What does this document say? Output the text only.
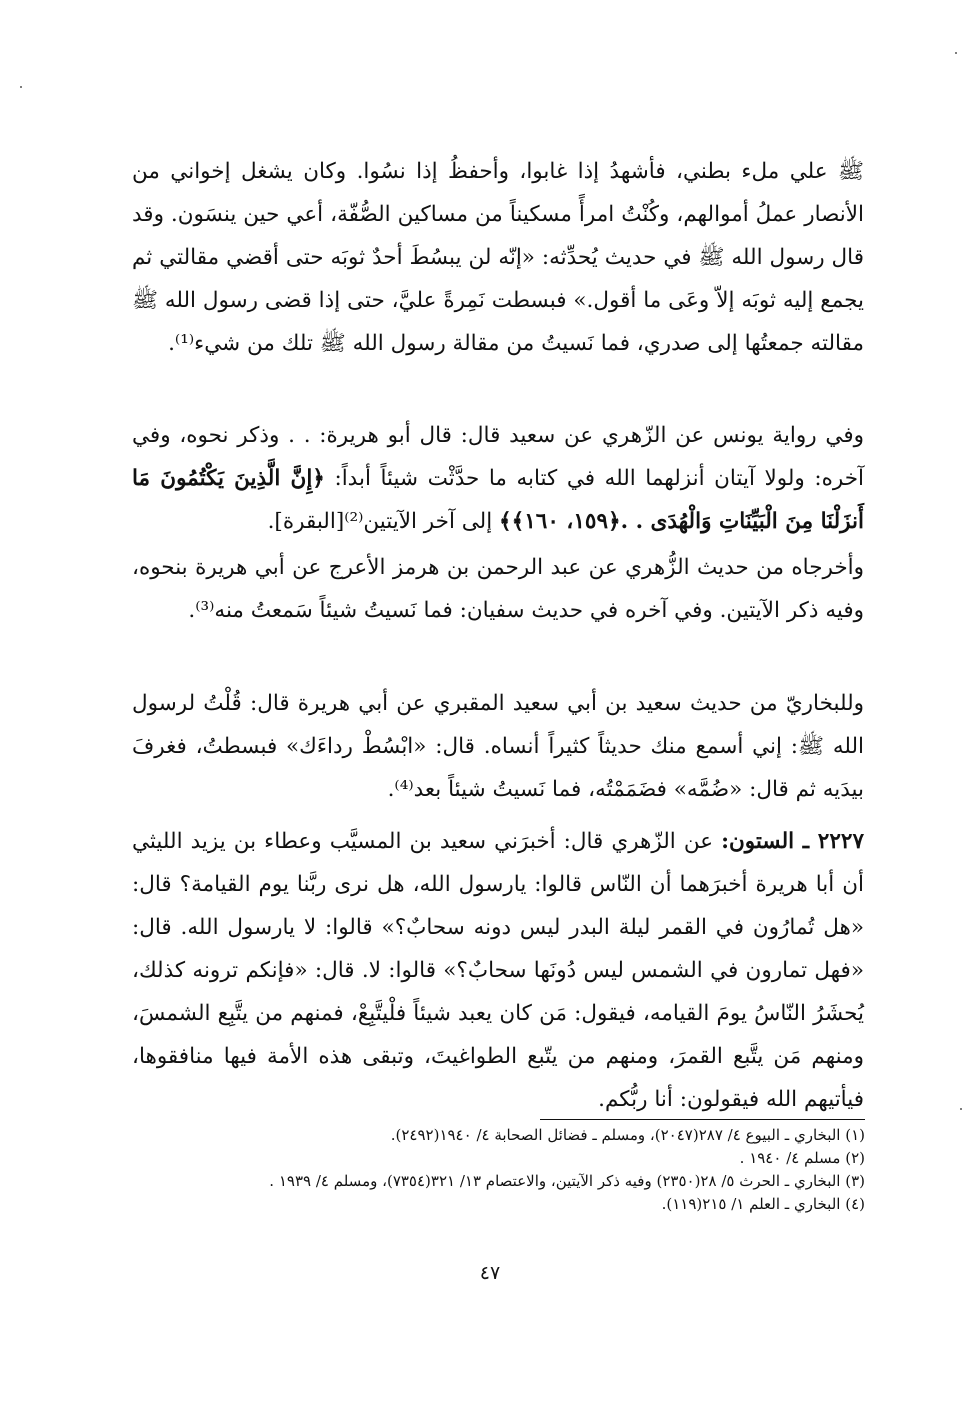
ﷺ علي ملء بطني، فأشهدُ إذا غابوا، وأحفظُ إذا نسُوا. وكان يشغل إخواني من الأنصار عملُ أموالهم، وكُنْتُ امرأً مسكيناً من مساكين الصُّفّة، أعي حين ينسَون. وقد قال رسول الله ﷺ في حديث يُحدِّثه: «إنّه لن يبسُطَ أحدٌ ثوبَه حتى أقضي مقالتي ثم يجمع إليه ثوبَه إلاّ وعَى ما أقول.» فبسطت نَمِرةً عليَّ، حتى إذا قضى رسول الله ﷺ مقالته جمعتُها إلى صدري، فما نَسيتُ من مقالة رسول الله ﷺ تلك من شيء⁽¹⁾.

وفي رواية يونس عن الزّهري عن سعيد قال: قال أبو هريرة: . . وذكر نحوه، وفي آخره: ولولا آيتان أنزلهما الله في كتابه ما حدَّثْت شيئاً أبداً: ﴿إِنَّ الَّذِينَ يَكْتُمُونَ مَا أَنزَلْنَا مِنَ الْبَيِّنَاتِ وَالْهُدَى . .﴿١٥٩، ١٦٠﴾﴾ إلى آخر الآيتين⁽²⁾[البقرة].

وأخرجاه من حديث الزُّهري عن عبد الرحمن بن هرمز الأعرج عن أبي هريرة بنحوه، وفيه ذكر الآيتين. وفي آخره في حديث سفيان: فما نَسيتُ شيئاً سَمعتُ منه⁽³⁾.

وللبخاريّ من حديث سعيد بن أبي سعيد المقبري عن أبي هريرة قال: قُلْتُ لرسول الله ﷺ: إني أسمع منك حديثاً كثيراً أنساه. قال: «ابْسُطْ رداءَك» فبسطتُ، فغرفَ بيدَيه ثم قال: «ضُمَّه» فضَمَمْتُه، فما نَسيتُ شيئاً بعد⁽⁴⁾.

٢٢٢٧ ـ الستون: عن الزّهري قال: أخبرَني سعيد بن المسيَّب وعطاء بن يزيد الليثي أن أبا هريرة أخبرَهما أن النّاس قالوا: يارسول الله، هل نرى ربَّنا يوم القيامة؟ قال: «هل تُمارُون في القمر ليلة البدر ليس دونه سحابٌ؟» قالوا: لا يارسول الله. قال: «فهل تمارون في الشمس ليس دُونَها سحابٌ؟» قالوا: لا. قال: «فإنكم ترونه كذلك، يُحشَرُ النّاسُ يومَ القيامه، فيقول: مَن كان يعبد شيئاً فلْيتَّبِعْ، فمنهم من يتَّبِع الشمسَ، ومنهم مَن يتَّبع القمرَ، ومنهم من يتّبع الطواغيتَ، وتبقى هذه الأمة فيها منافقوها، فيأتيهم الله فيقولون: أنا ربُّكم.

(١) البخاري ـ البيوع ٤/ ٢٨٧(٢٠٤٧)، ومسلم ـ فضائل الصحابة ٤/ ١٩٤٠(٢٤٩٢).
(٢) مسلم ٤/ ١٩٤٠ .
(٣) البخاري ـ الحرث ٥/ ٢٨(٢٣٥٠) وفيه ذكر الآيتين، والاعتصام ١٣/ ٣٢١(٧٣٥٤)، ومسلم ٤/ ١٩٣٩ .
(٤) البخاري ـ العلم ١/ ٢١٥(١١٩).
٤٧
